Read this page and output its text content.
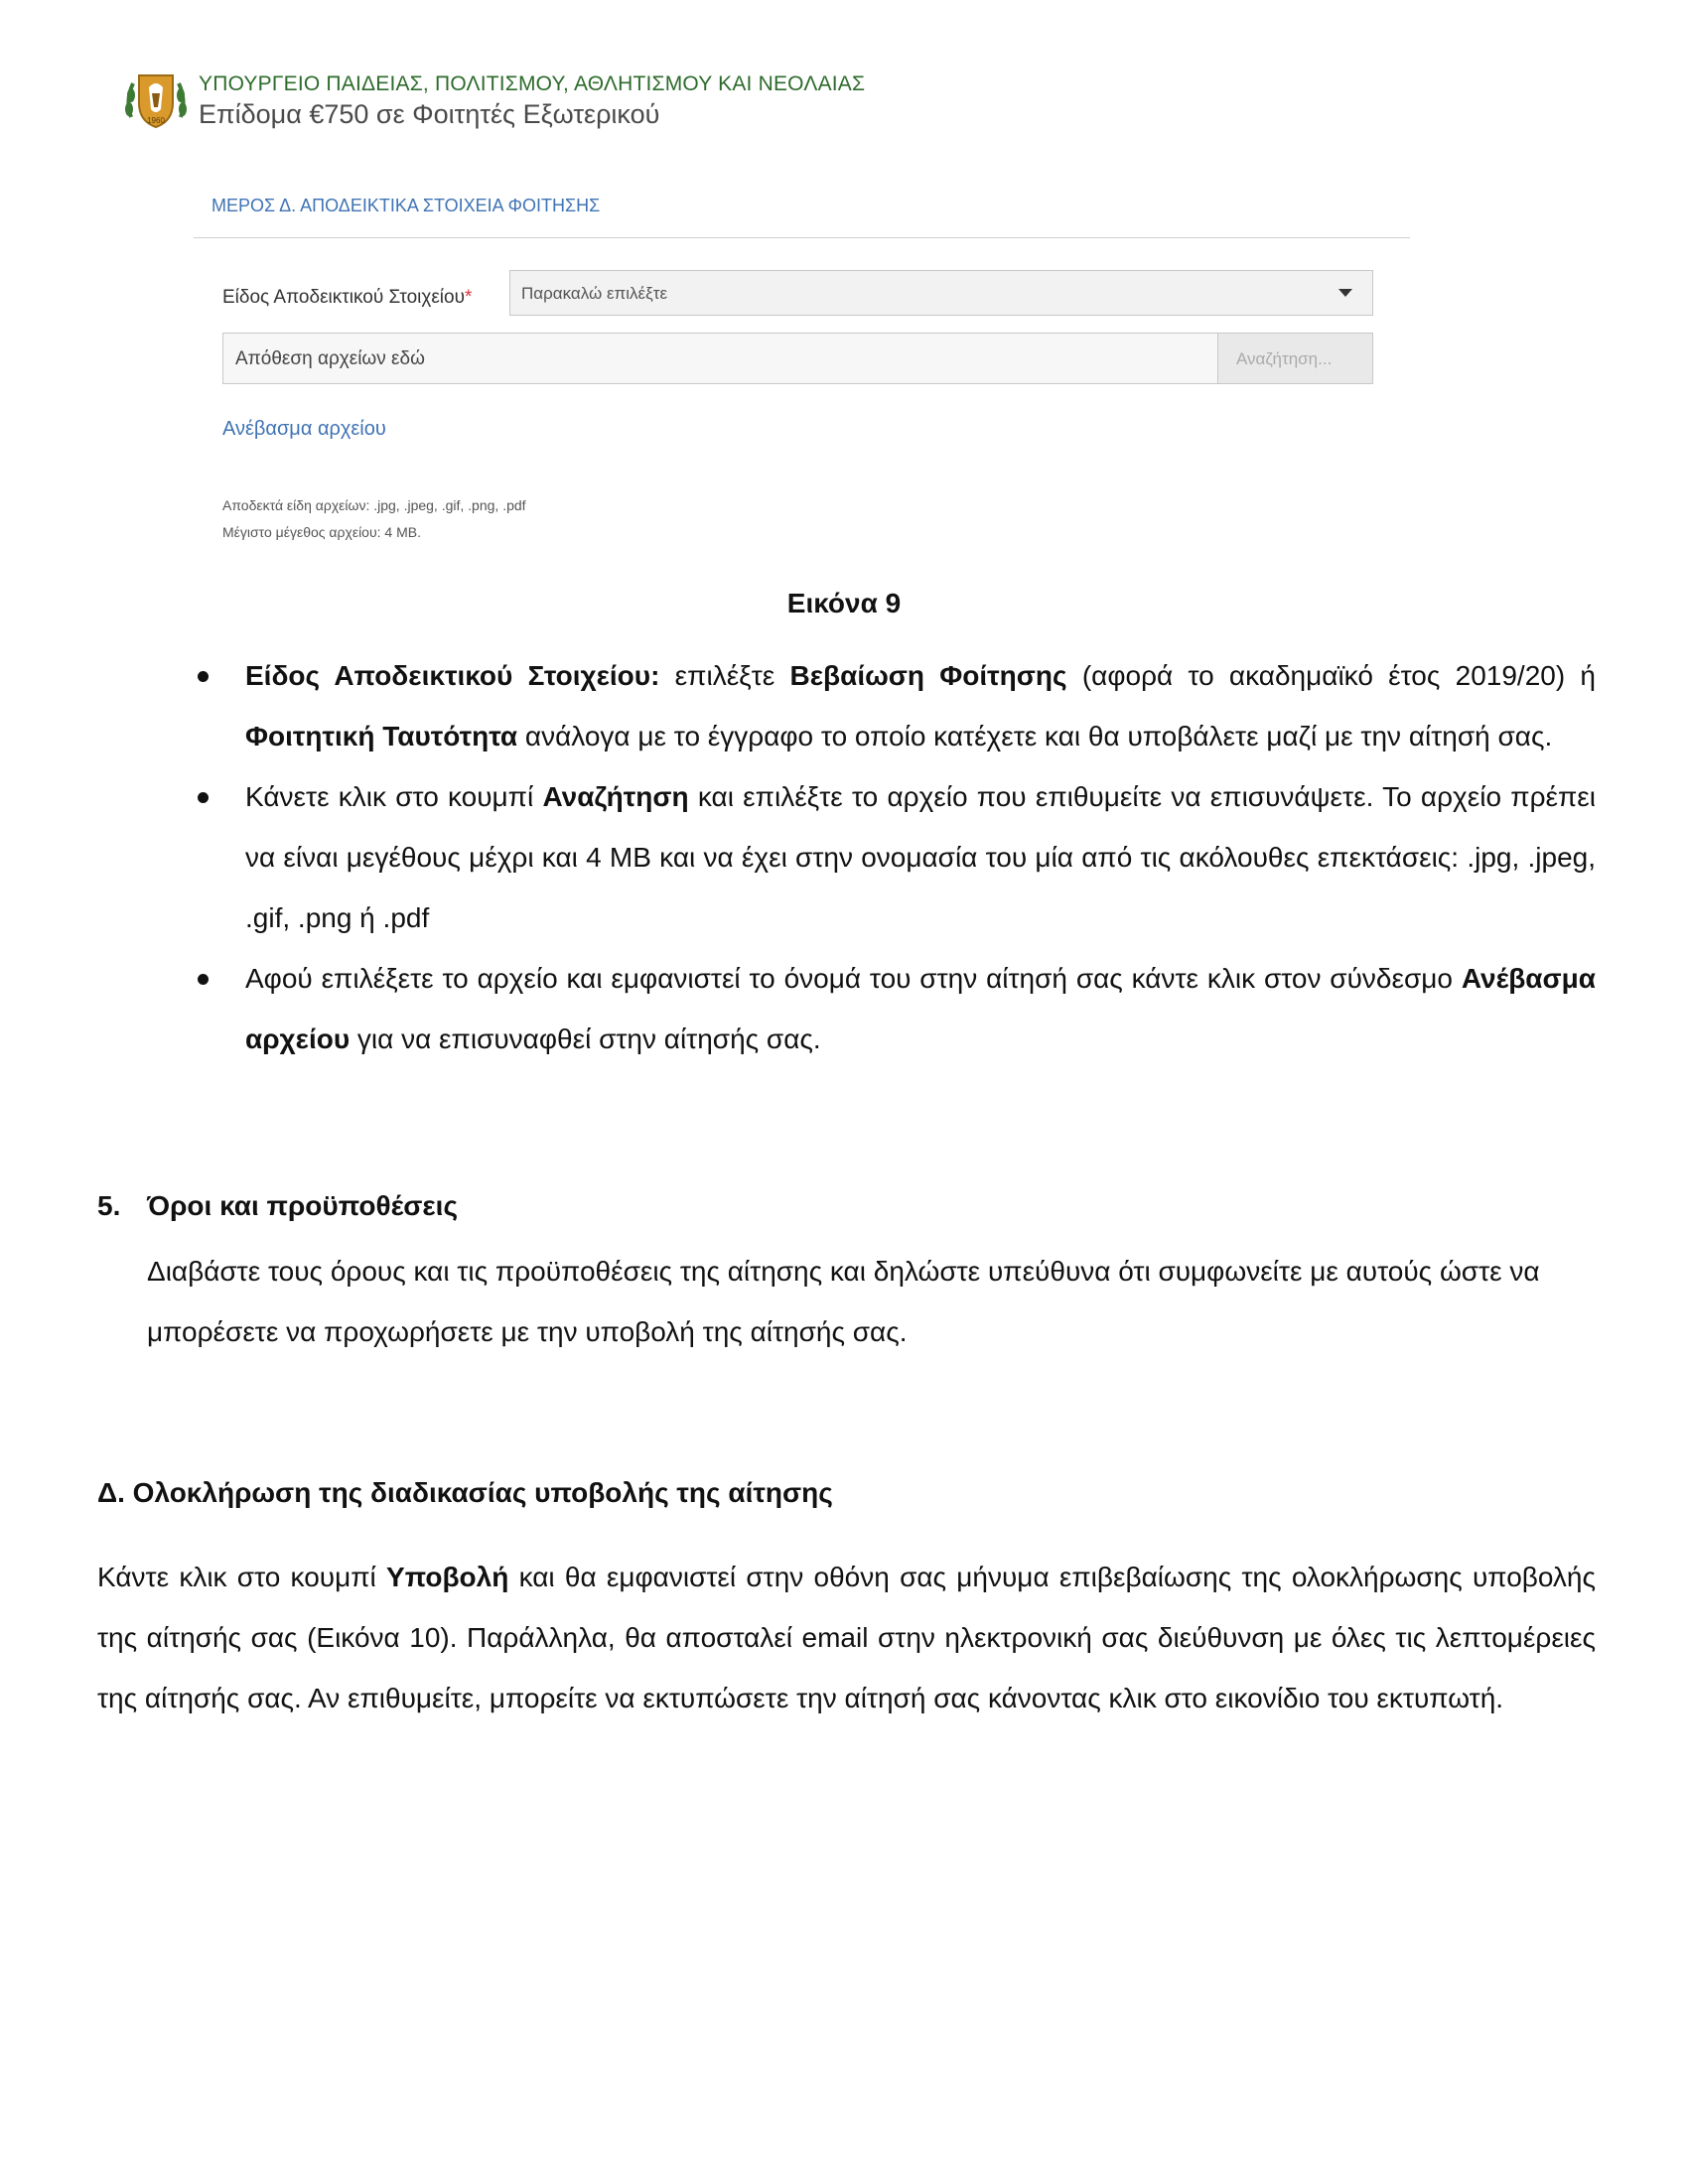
1960
ΥΠΟΥΡΓΕΙΟ ΠΑΙΔΕΙΑΣ, ΠΟΛΙΤΙΣΜΟΥ, ΑΘΛΗΤΙΣΜΟΥ ΚΑΙ ΝΕΟΛΑΙΑΣ
Επίδομα €750 σε Φοιτητές Εξωτερικού
ΜΕΡΟΣ Δ. ΑΠΟΔΕΙΚΤΙΚΑ ΣΤΟΙΧΕΙΑ ΦΟΙΤΗΣΗΣ
Είδος Αποδεικτικού Στοιχείου*	Παρακαλώ επιλέξτε
Απόθεση αρχείων εδώ	Αναζήτηση...
Ανέβασμα αρχείου
Αποδεκτά είδη αρχείων: .jpg, .jpeg, .gif, .png, .pdf
Μέγιστο μέγεθος αρχείου: 4 MB.
Εικόνα 9
Είδος Αποδεικτικού Στοιχείου: επιλέξτε Βεβαίωση Φοίτησης (αφορά το ακαδημαϊκό έτος 2019/20) ή Φοιτητική Ταυτότητα ανάλογα με το έγγραφο το οποίο κατέχετε και θα υποβάλετε μαζί με την αίτησή σας.
Κάνετε κλικ στο κουμπί Αναζήτηση και επιλέξτε το αρχείο που επιθυμείτε να επισυνάψετε. Το αρχείο πρέπει να είναι μεγέθους μέχρι και 4 MB και να έχει στην ονομασία του μία από τις ακόλουθες επεκτάσεις: .jpg, .jpeg, .gif, .png ή .pdf
Αφού επιλέξετε το αρχείο και εμφανιστεί το όνομά του στην αίτησή σας κάντε κλικ στον σύνδεσμο Ανέβασμα αρχείου για να επισυναφθεί στην αίτησής σας.
5. Όροι και προϋποθέσεις
Διαβάστε τους όρους και τις προϋποθέσεις της αίτησης και δηλώστε υπεύθυνα ότι συμφωνείτε με αυτούς ώστε να μπορέσετε να προχωρήσετε με την υποβολή της αίτησής σας.
Δ. Ολοκλήρωση της διαδικασίας υποβολής της αίτησης
Κάντε κλικ στο κουμπί Υποβολή και θα εμφανιστεί στην οθόνη σας μήνυμα επιβεβαίωσης της ολοκλήρωσης υποβολής της αίτησής σας (Εικόνα 10). Παράλληλα, θα αποσταλεί email στην ηλεκτρονική σας διεύθυνση με όλες τις λεπτομέρειες της αίτησής σας. Αν επιθυμείτε, μπορείτε να εκτυπώσετε την αίτησή σας κάνοντας κλικ στο εικονίδιο του εκτυπωτή.
